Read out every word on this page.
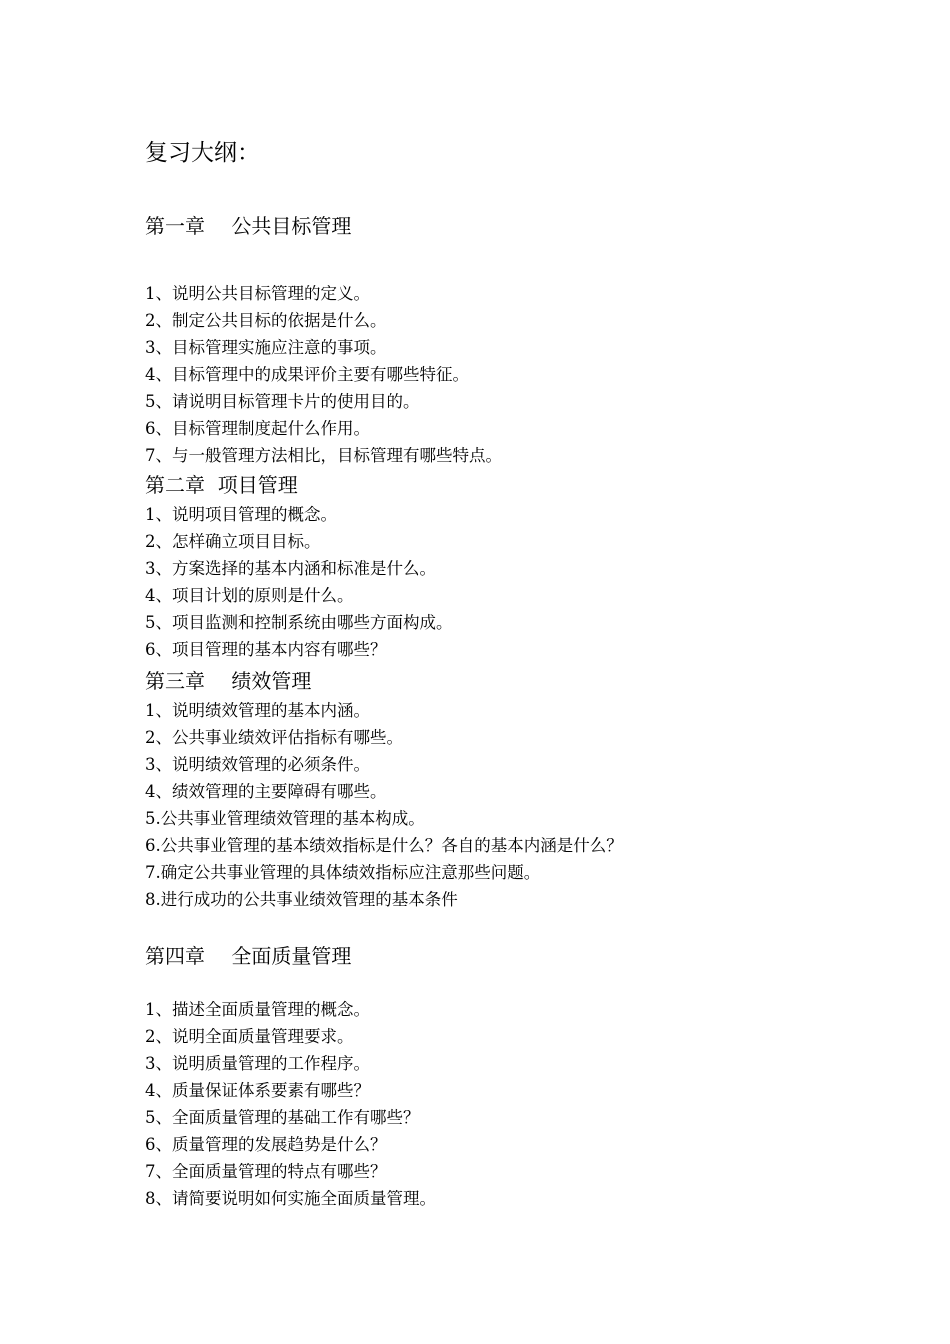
复习大纲：
第一章　 公共目标管理
1、说明公共目标管理的定义。
2、制定公共目标的依据是什么。
3、目标管理实施应注意的事项。
4、目标管理中的成果评价主要有哪些特征。
5、请说明目标管理卡片的使用目的。
6、目标管理制度起什么作用。
7、与一般管理方法相比，目标管理有哪些特点。
第二章  项目管理
1、说明项目管理的概念。
2、怎样确立项目目标。
3、方案选择的基本内涵和标准是什么。
4、项目计划的原则是什么。
5、项目监测和控制系统由哪些方面构成。
6、项目管理的基本内容有哪些？
第三章　 绩效管理
1、说明绩效管理的基本内涵。
2、公共事业绩效评估指标有哪些。
3、说明绩效管理的必须条件。
4、绩效管理的主要障碍有哪些。
5.公共事业管理绩效管理的基本构成。
6.公共事业管理的基本绩效指标是什么？各自的基本内涵是什么？
7.确定公共事业管理的具体绩效指标应注意那些问题。
8.进行成功的公共事业绩效管理的基本条件
第四章　 全面质量管理
1、描述全面质量管理的概念。
2、说明全面质量管理要求。
3、说明质量管理的工作程序。
4、质量保证体系要素有哪些？
5、全面质量管理的基础工作有哪些？
6、质量管理的发展趋势是什么？
7、全面质量管理的特点有哪些？
8、请简要说明如何实施全面质量管理。
